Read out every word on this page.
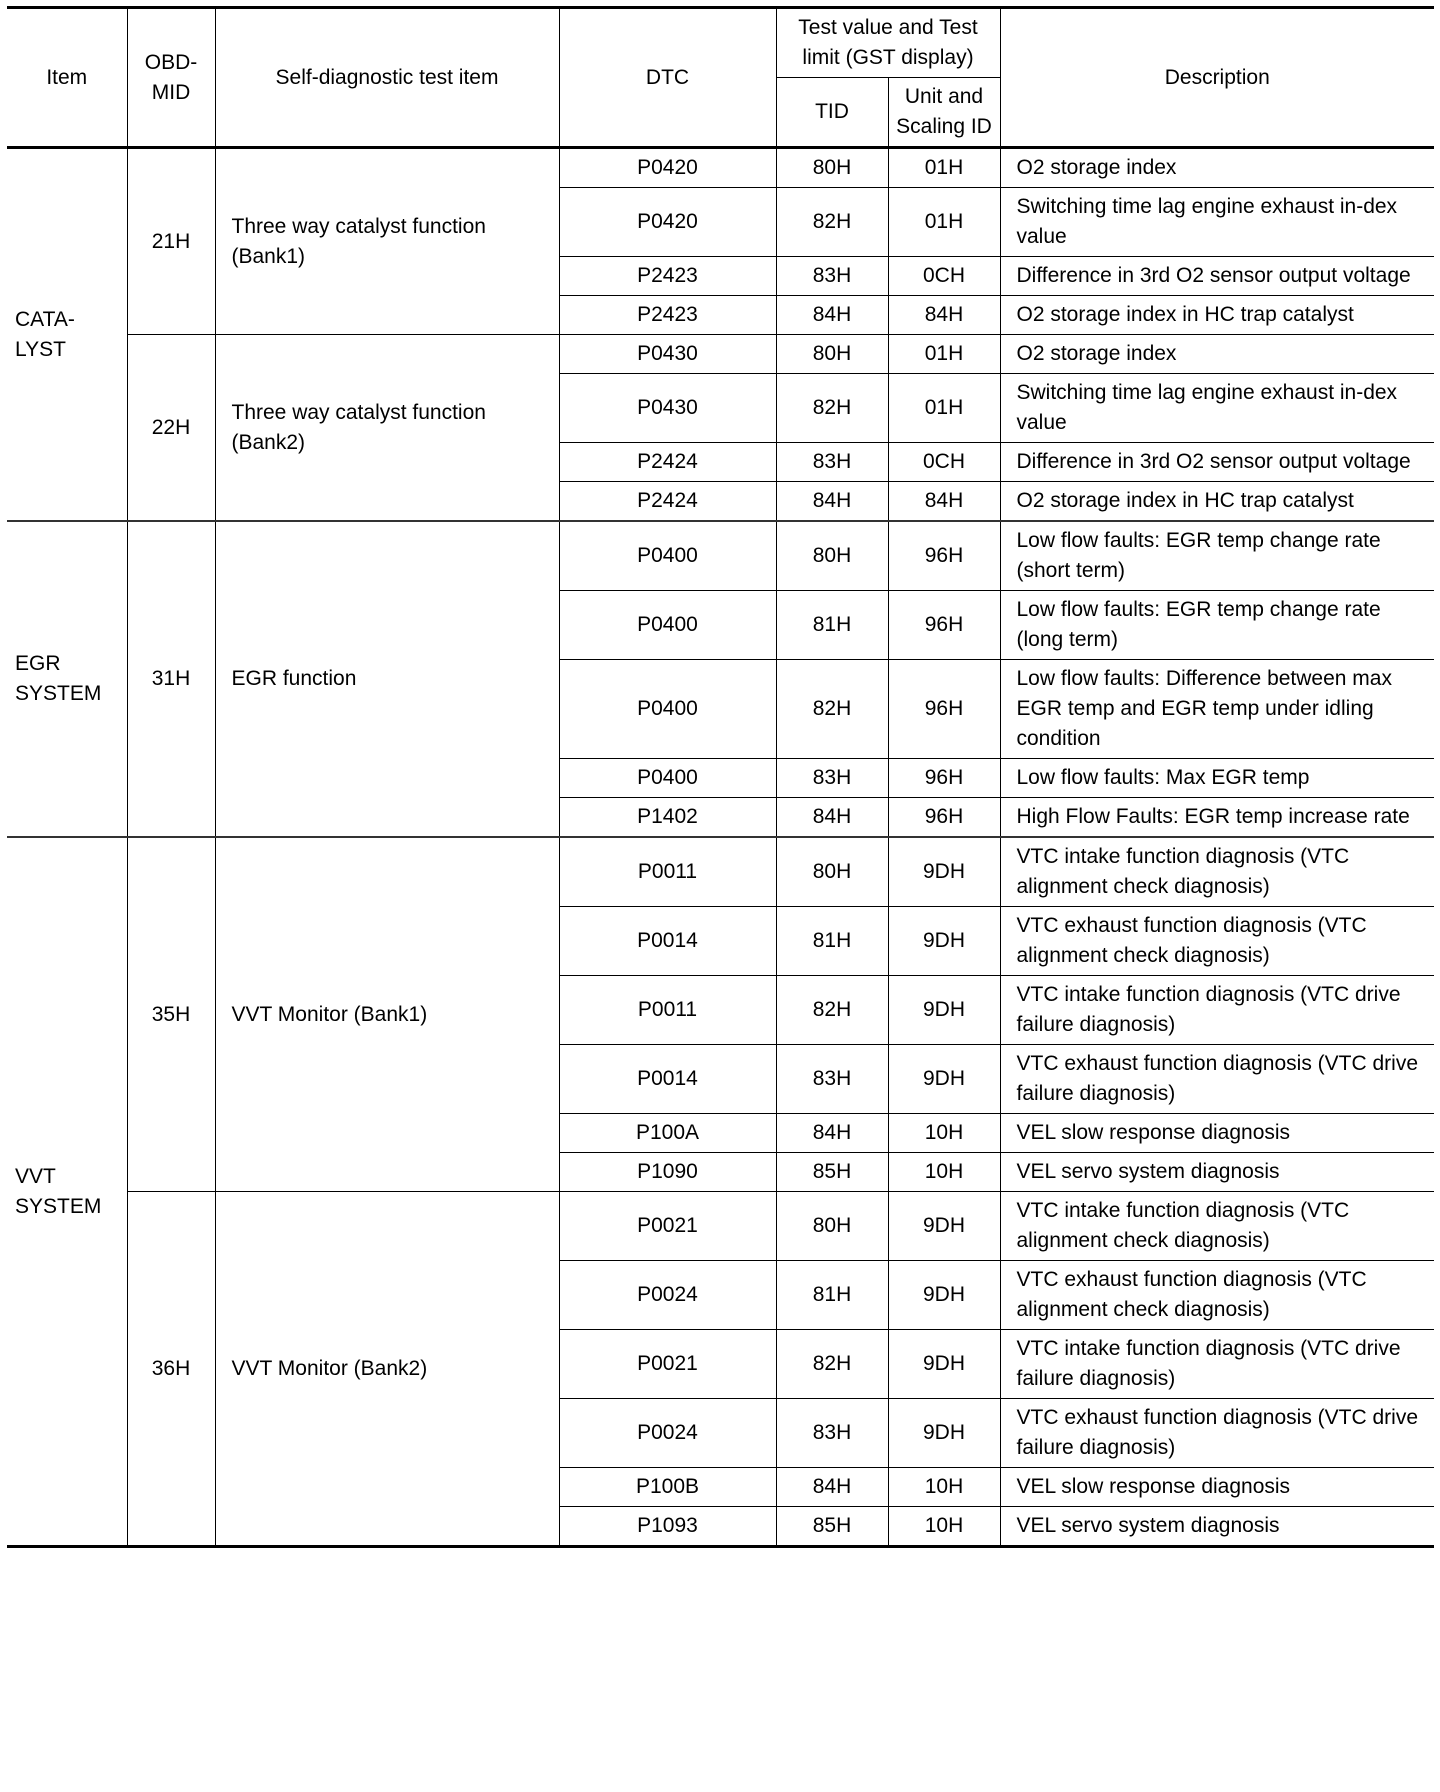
Item	OBD-MID	Self-diagnostic test item	DTC	Test value and Test limit (GST display)		Description
				TID	Unit and Scaling ID	
CATA-LYST	21H	Three way catalyst function (Bank1)	P0420	80H	01H	O2 storage index
			P0420	82H	01H	Switching time lag engine exhaust in-dex value
			P2423	83H	0CH	Difference in 3rd O2 sensor output voltage
			P2423	84H	84H	O2 storage index in HC trap catalyst
	22H	Three way catalyst function (Bank2)	P0430	80H	01H	O2 storage index
			P0430	82H	01H	Switching time lag engine exhaust in-dex value
			P2424	83H	0CH	Difference in 3rd O2 sensor output voltage
			P2424	84H	84H	O2 storage index in HC trap catalyst
EGR SYSTEM	31H	EGR function	P0400	80H	96H	Low flow faults: EGR temp change rate (short term)
			P0400	81H	96H	Low flow faults: EGR temp change rate (long term)
			P0400	82H	96H	Low flow faults: Difference between max EGR temp and EGR temp under idling condition
			P0400	83H	96H	Low flow faults: Max EGR temp
			P1402	84H	96H	High Flow Faults: EGR temp increase rate
VVT SYSTEM	35H	VVT Monitor (Bank1)	P0011	80H	9DH	VTC intake function diagnosis (VTC alignment check diagnosis)
			P0014	81H	9DH	VTC exhaust function diagnosis (VTC alignment check diagnosis)
			P0011	82H	9DH	VTC intake function diagnosis (VTC drive failure diagnosis)
			P0014	83H	9DH	VTC exhaust function diagnosis (VTC drive failure diagnosis)
			P100A	84H	10H	VEL slow response diagnosis
			P1090	85H	10H	VEL servo system diagnosis
	36H	VVT Monitor (Bank2)	P0021	80H	9DH	VTC intake function diagnosis (VTC alignment check diagnosis)
			P0024	81H	9DH	VTC exhaust function diagnosis (VTC alignment check diagnosis)
			P0021	82H	9DH	VTC intake function diagnosis (VTC drive failure diagnosis)
			P0024	83H	9DH	VTC exhaust function diagnosis (VTC drive failure diagnosis)
			P100B	84H	10H	VEL slow response diagnosis
			P1093	85H	10H	VEL servo system diagnosis
